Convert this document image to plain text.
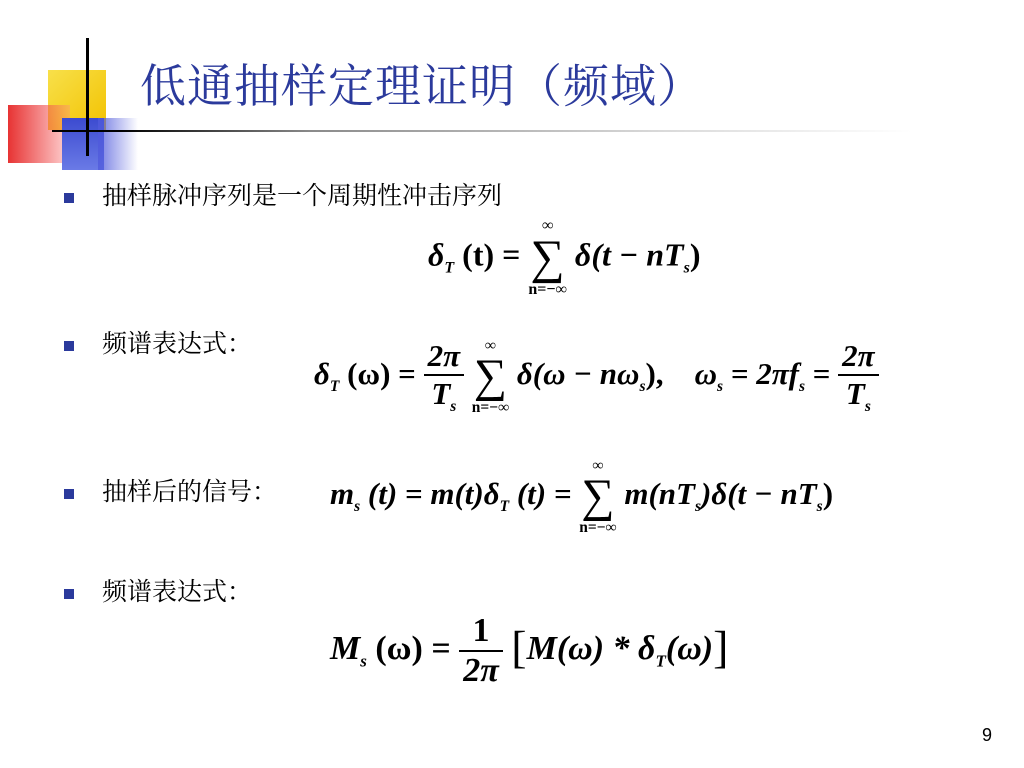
低通抽样定理证明（频域）
抽样脉冲序列是一个周期性冲击序列
$\delta_T$ (t) =
∞
∑
n=−∞
$\delta(t - nT_s)$
频谱表达式：
$\delta_T$ $(\omega) = \frac{2\pi}{T_s}$
	∞
∑
n=−∞
$\delta(\omega - n\omega_s)$, $\omega_s = 2\pi f_s = \frac{2\pi}{T_s}$
抽样后的信号： $m_s$ $(t) = m(t)\delta_T$ (t) =
∞
∑
n=−∞
$m(nT_s)\delta(t - nT_s)$
频谱表达式：
$M_s$ $(\omega) = \frac{1}{2\pi} [M(\omega) * \delta_T(\omega)]$
9
